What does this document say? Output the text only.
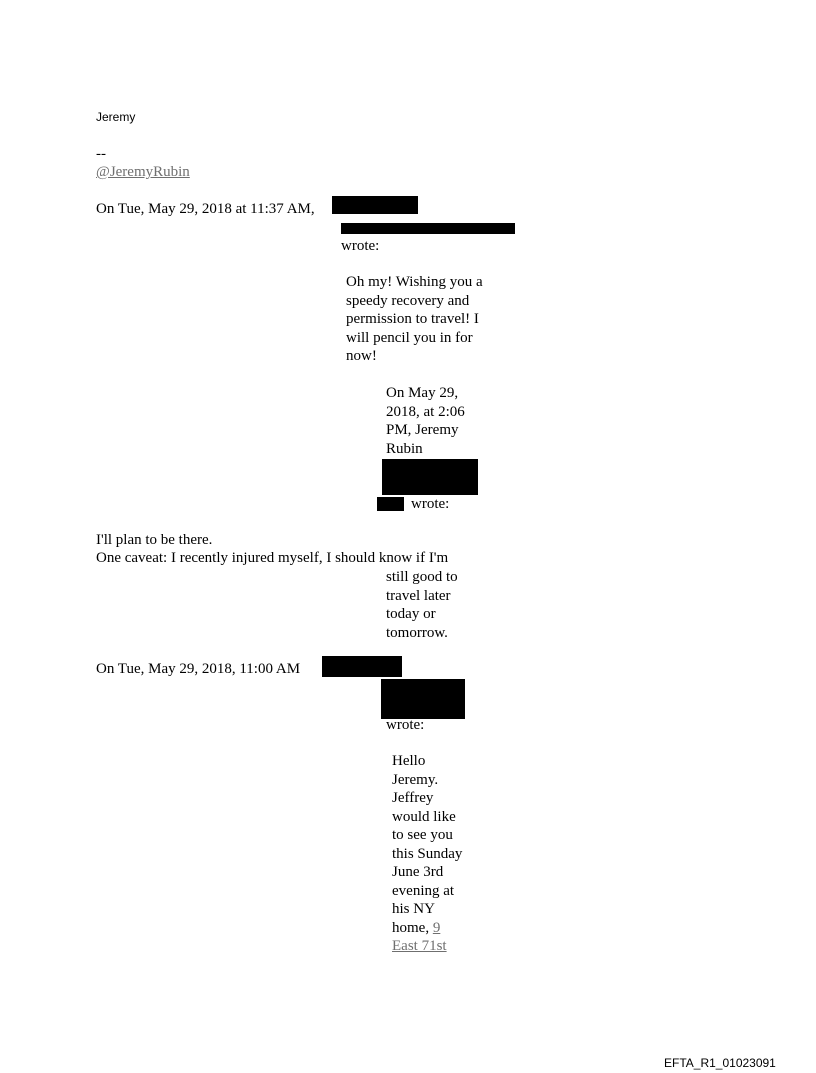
Jeremy
--
@JeremyRubin
On Tue, May 29, 2018 at 11:37 AM,
wrote:
Oh my! Wishing you a
speedy recovery and
permission to travel! I
will pencil you in for
now!
On May 29,
2018, at 2:06
PM, Jeremy
Rubin
wrote:
I'll plan to be there.
One caveat: I recently injured myself, I should know if I'm
still good to
travel later
today or
tomorrow.
On Tue, May 29, 2018, 11:00 AM
wrote:
Hello
Jeremy.
Jeffrey
would like
to see you
this Sunday
June 3rd
evening at
his NY
home, 9
East 71st
EFTA_R1_01023091
